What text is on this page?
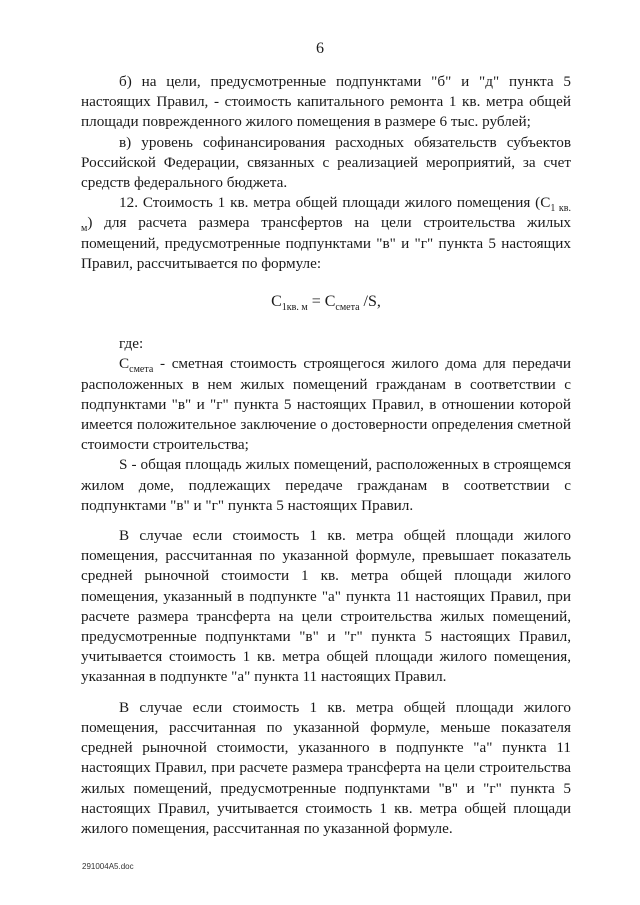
6

б) на цели, предусмотренные подпунктами "б" и "д" пункта 5 настоящих Правил, - стоимость капитального ремонта 1 кв. метра общей площади поврежденного жилого помещения в размере 6 тыс. рублей;

в) уровень софинансирования расходных обязательств субъектов Российской Федерации, связанных с реализацией мероприятий, за счет средств федерального бюджета.

12. Стоимость 1 кв. метра общей площади жилого помещения $(С_{1 кв. м})$ для расчета размера трансфертов на цели строительства жилых помещений, предусмотренные подпунктами "в" и "г" пункта 5 настоящих Правил, рассчитывается по формуле:

$С_{1кв. м} = С_{смета}$ /S,

где:

$С_{смета}$ - сметная стоимость строящегося жилого дома для передачи расположенных в нем жилых помещений гражданам в соответствии с подпунктами "в" и "г" пункта 5 настоящих Правил, в отношении которой имеется положительное заключение о достоверности определения сметной стоимости строительства;

S - общая площадь жилых помещений, расположенных в строящемся жилом доме, подлежащих передаче гражданам в соответствии с подпунктами "в" и "г" пункта 5 настоящих Правил.

В случае если стоимость 1 кв. метра общей площади жилого помещения, рассчитанная по указанной формуле, превышает показатель средней рыночной стоимости 1 кв. метра общей площади жилого помещения, указанный в подпункте "а" пункта 11 настоящих Правил, при расчете размера трансферта на цели строительства жилых помещений, предусмотренные подпунктами "в" и "г" пункта 5 настоящих Правил, учитывается стоимость 1 кв. метра общей площади жилого помещения, указанная в подпункте "а" пункта 11 настоящих Правил.

В случае если стоимость 1 кв. метра общей площади жилого помещения, рассчитанная по указанной формуле, меньше показателя средней рыночной стоимости, указанного в подпункте "а" пункта 11 настоящих Правил, при расчете размера трансферта на цели строительства жилых помещений, предусмотренные подпунктами "в" и "г" пункта 5 настоящих Правил, учитывается стоимость 1 кв. метра общей площади жилого помещения, рассчитанная по указанной формуле.

291004A5.doc
